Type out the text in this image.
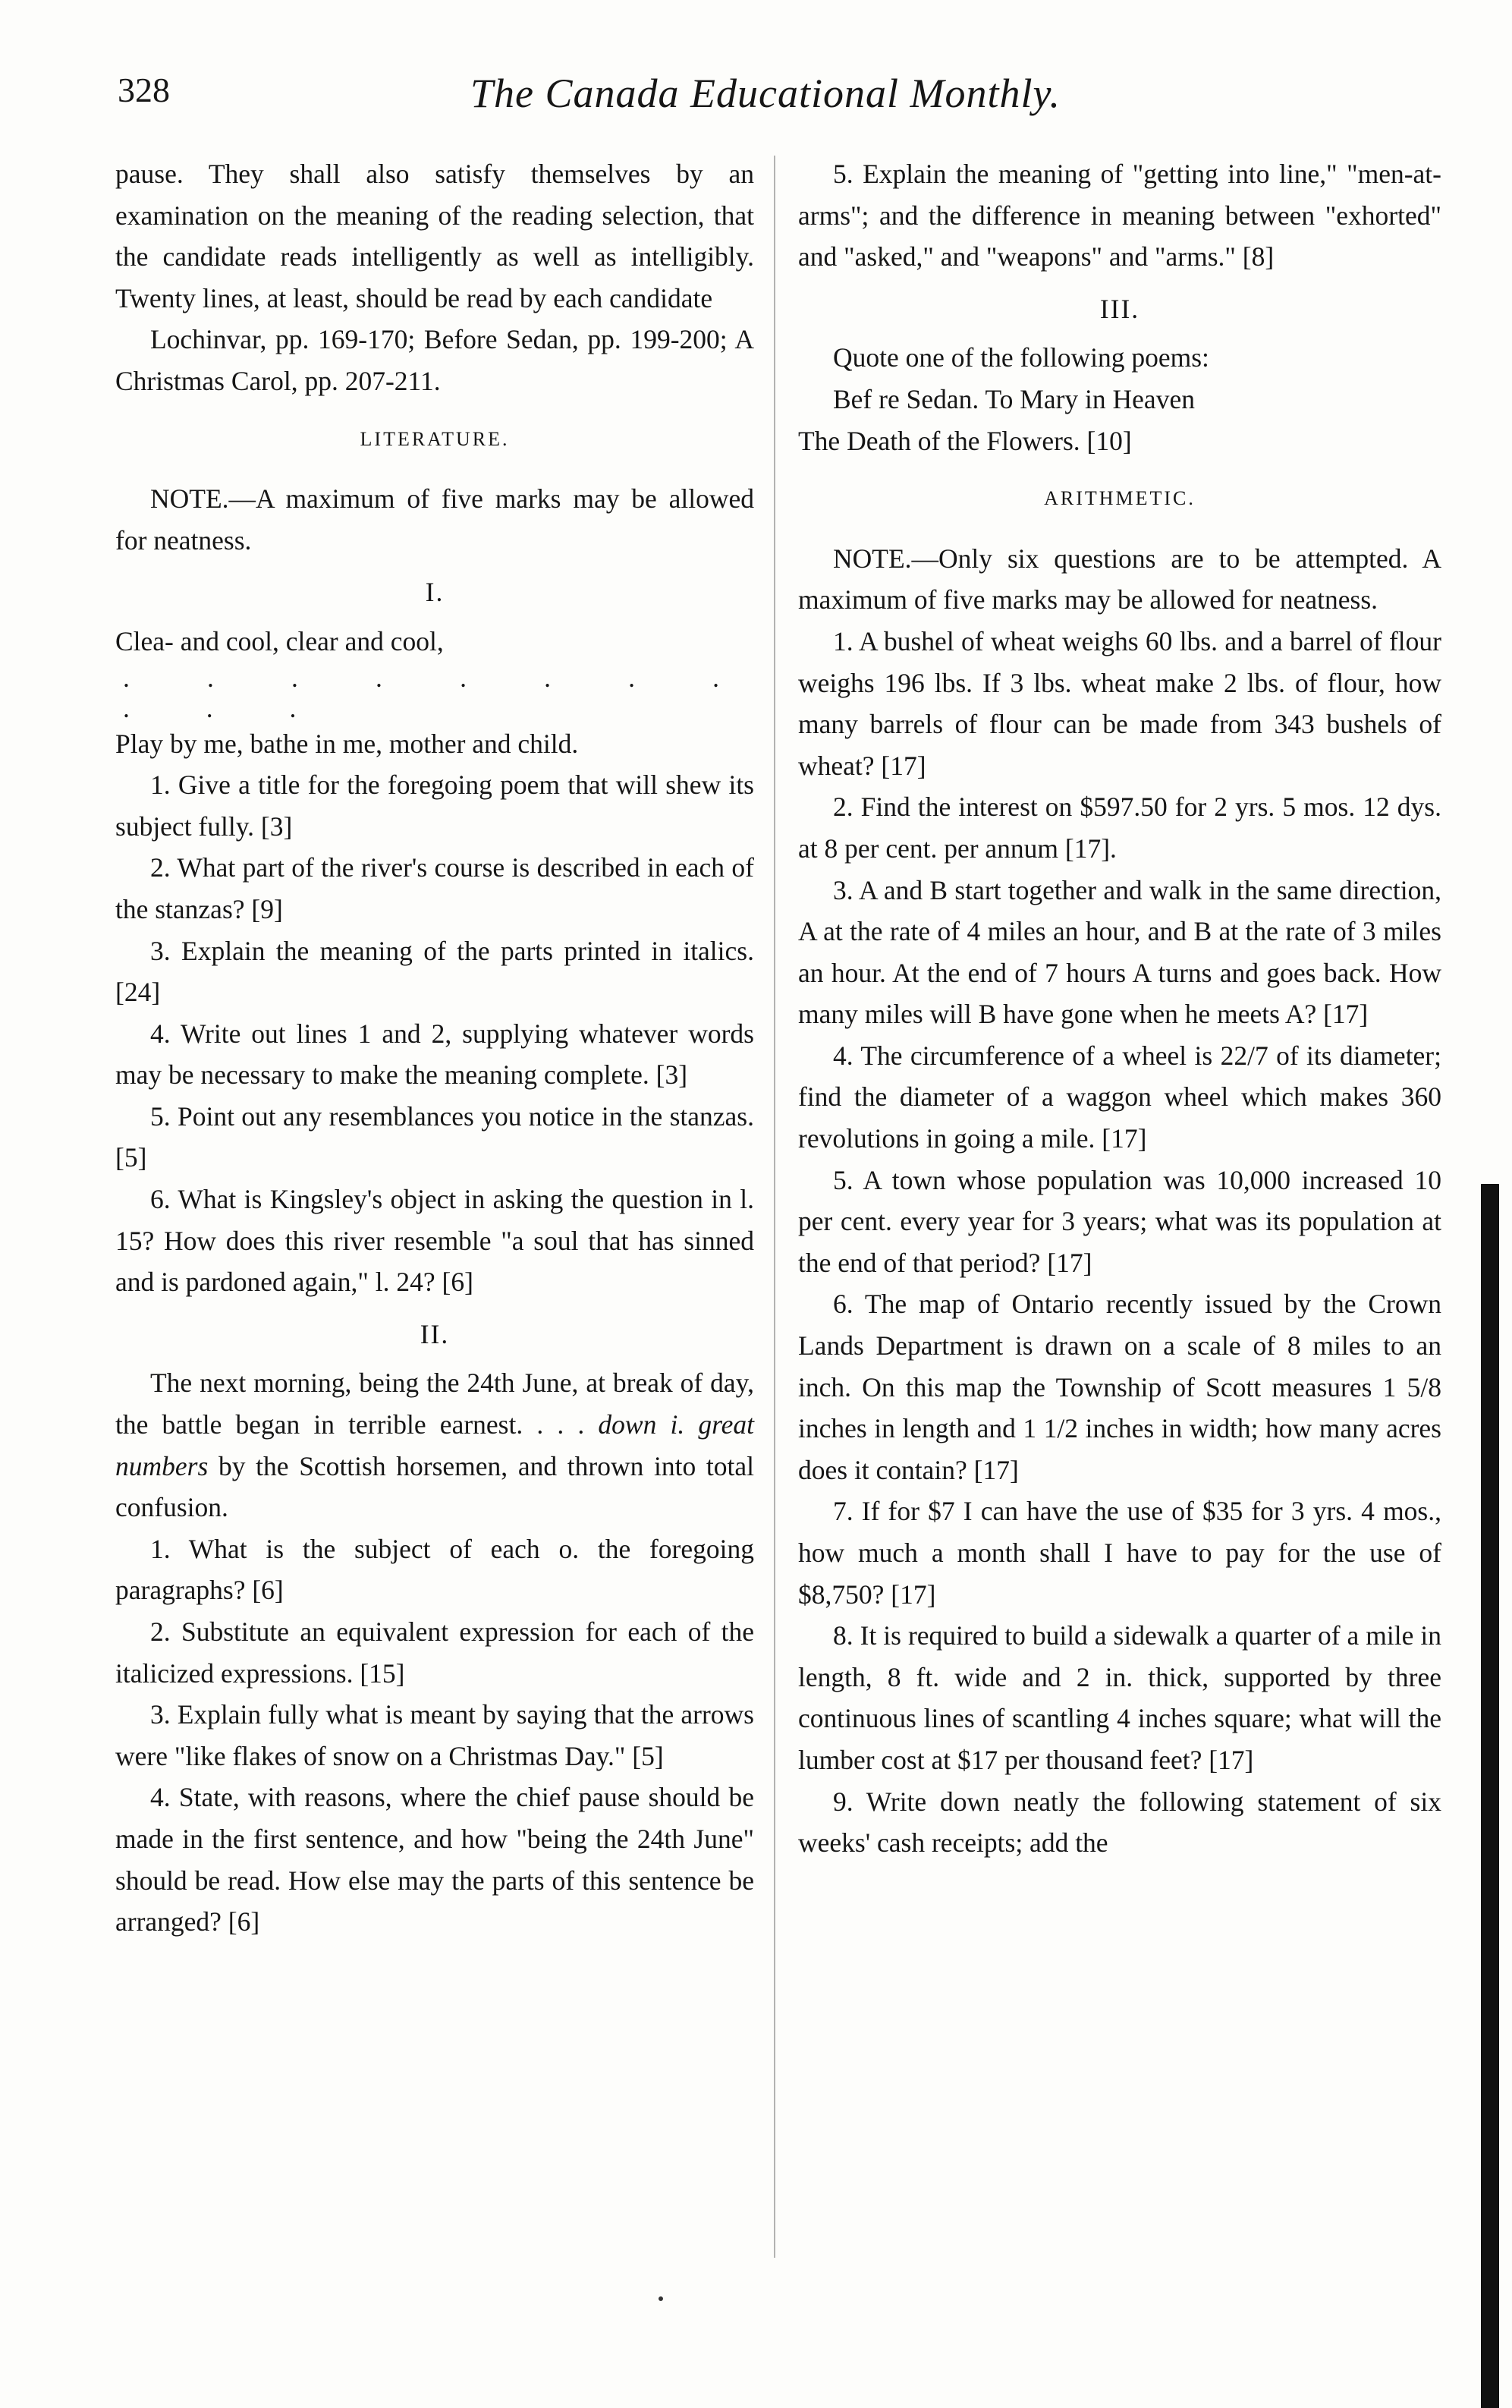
328	The Canada Educational Monthly.

pause. They shall also satisfy themselves by an examination on the meaning of the reading selection, that the candidate reads intelligently as well as intelligibly. Twenty lines, at least, should be read by each candidate

Lochinvar, pp. 169-170; Before Sedan, pp. 199-200; A Christmas Carol, pp. 207-211.

LITERATURE.

NOTE.—A maximum of five marks may be allowed for neatness.

I.

Clea- and cool, clear and cool,

. . . . . . . . . . .

Play by me, bathe in me, mother and child.

1. Give a title for the foregoing poem that will shew its subject fully. [3]

2. What part of the river's course is described in each of the stanzas? [9]

3. Explain the meaning of the parts printed in italics. [24]

4. Write out lines 1 and 2, supplying whatever words may be necessary to make the meaning complete. [3]

5. Point out any resemblances you notice in the stanzas. [5]

6. What is Kingsley's object in asking the question in l. 15? How does this river resemble "a soul that has sinned and is pardoned again," l. 24? [6]

II.

The next morning, being the 24th June, at break of day, the battle began in terrible earnest. . . . down i. great numbers by the Scottish horsemen, and thrown into total confusion.

1. What is the subject of each o. the foregoing paragraphs? [6]

2. Substitute an equivalent expression for each of the italicized expressions. [15]

3. Explain fully what is meant by saying that the arrows were "like flakes of snow on a Christmas Day." [5]

4. State, with reasons, where the chief pause should be made in the first sentence, and how "being the 24th June" should be read. How else may the parts of this sentence be arranged? [6]

5. Explain the meaning of "getting into line," "men-at-arms"; and the difference in meaning between "exhorted" and "asked," and "weapons" and "arms." [8]

III.

Quote one of the following poems:

Bef re Sedan. To Mary in Heaven

The Death of the Flowers. [10]

ARITHMETIC.

NOTE.—Only six questions are to be attempted. A maximum of five marks may be allowed for neatness.

1. A bushel of wheat weighs 60 lbs. and a barrel of flour weighs 196 lbs. If 3 lbs. wheat make 2 lbs. of flour, how many barrels of flour can be made from 343 bushels of wheat? [17]

2. Find the interest on $597.50 for 2 yrs. 5 mos. 12 dys. at 8 per cent. per annum [17].

3. A and B start together and walk in the same direction, A at the rate of 4 miles an hour, and B at the rate of 3 miles an hour. At the end of 7 hours A turns and goes back. How many miles will B have gone when he meets A? [17]

4. The circumference of a wheel is 22/7 of its diameter; find the diameter of a waggon wheel which makes 360 revolutions in going a mile. [17]

5. A town whose population was 10,000 increased 10 per cent. every year for 3 years; what was its population at the end of that period? [17]

6. The map of Ontario recently issued by the Crown Lands Department is drawn on a scale of 8 miles to an inch. On this map the Township of Scott measures 1 5/8 inches in length and 1 1/2 inches in width; how many acres does it contain? [17]

7. If for $7 I can have the use of $35 for 3 yrs. 4 mos., how much a month shall I have to pay for the use of $8,750? [17]

8. It is required to build a sidewalk a quarter of a mile in length, 8 ft. wide and 2 in. thick, supported by three continuous lines of scantling 4 inches square; what will the lumber cost at $17 per thousand feet? [17]

9. Write down neatly the following statement of six weeks' cash receipts; add the
